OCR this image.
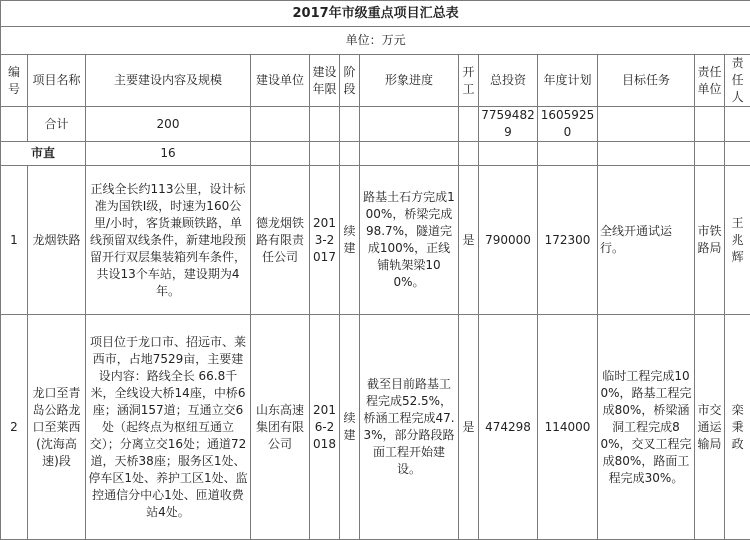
2017年市级重点项目汇总表												
单位：万元												
编号	项目名称	主要建设内容及规模	建设单位	建设年限	阶段	形象进度	开工	总投资	年度计划	目标任务	责任单位	责任人
	合计	200						77594829	16059250			
市直		16										
1	龙烟铁路	正线全长约113公里，设计标准为国铁Ⅰ级，时速为160公里/小时，客货兼顾铁路，单线预留双线条件，新建地段预留开行双层集装箱列车条件，共设13个车站，建设期为4年。	德龙烟铁路有限责任公司	2013-2017	续建	路基土石方完成100%，桥梁完成98.7%，隧道完成100%，正线铺轨架梁100%。	是	790000	172300	全线开通试运行。	市铁路局	王兆辉
2	龙口至青岛公路龙口至莱西(沈海高速)段	项目位于龙口市、招远市、莱西市，占地7529亩，主要建设内容：路线全长 66.8千米，全线设大桥14座，中桥6座；涵洞157道；互通立交6处（起终点为枢纽互通立交）；分离立交16处；通道72道，天桥38座；服务区1处、停车区1处、养护工区1处、监控通信分中心1处、匝道收费站4处。	山东高速集团有限公司	2016-2018	续建	截至目前路基工程完成52.5%，桥涵工程完成47.3%，部分路段路面工程开始建设。	是	474298	114000	临时工程完成100%，路基工程完成80%，桥梁涵洞工程完成80%，交叉工程完成80%，路面工程完成30%。	市交通运输局	栾秉政
